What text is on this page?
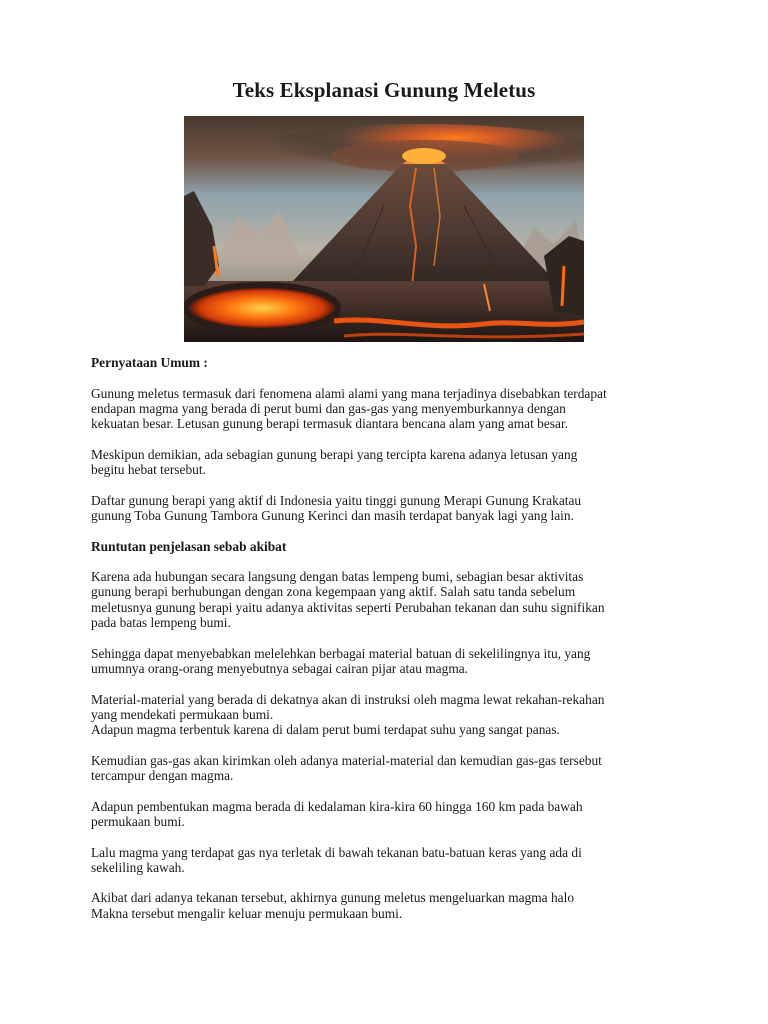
Teks Eksplanasi Gunung Meletus
Pernyataan Umum :

Gunung meletus termasuk dari fenomena alami alami yang mana terjadinya disebabkan terdapat
endapan magma yang berada di perut bumi dan gas-gas yang menyemburkannya dengan
kekuatan besar. Letusan gunung berapi termasuk diantara bencana alam yang amat besar.

Meskipun demikian, ada sebagian gunung berapi yang tercipta karena adanya letusan yang
begitu hebat tersebut.

Daftar gunung berapi yang aktif di Indonesia yaitu tinggi gunung Merapi Gunung Krakatau
gunung Toba Gunung Tambora Gunung Kerinci dan masih terdapat banyak lagi yang lain.

Runtutan penjelasan sebab akibat

Karena ada hubungan secara langsung dengan batas lempeng bumi, sebagian besar aktivitas
gunung berapi berhubungan dengan zona kegempaan yang aktif. Salah satu tanda sebelum
meletusnya gunung berapi yaitu adanya aktivitas seperti Perubahan tekanan dan suhu signifikan
pada batas lempeng bumi.

Sehingga dapat menyebabkan melelehkan berbagai material batuan di sekelilingnya itu, yang
umumnya orang-orang menyebutnya sebagai cairan pijar atau magma.

Material-material yang berada di dekatnya akan di instruksi oleh magma lewat rekahan-rekahan
yang mendekati permukaan bumi.
Adapun magma terbentuk karena di dalam perut bumi terdapat suhu yang sangat panas.

Kemudian gas-gas akan kirimkan oleh adanya material-material dan kemudian gas-gas tersebut
tercampur dengan magma.

Adapun pembentukan magma berada di kedalaman kira-kira 60 hingga 160 km pada bawah
permukaan bumi.

Lalu magma yang terdapat gas nya terletak di bawah tekanan batu-batuan keras yang ada di
sekeliling kawah.

Akibat dari adanya tekanan tersebut, akhirnya gunung meletus mengeluarkan magma halo
Makna tersebut mengalir keluar menuju permukaan bumi.
